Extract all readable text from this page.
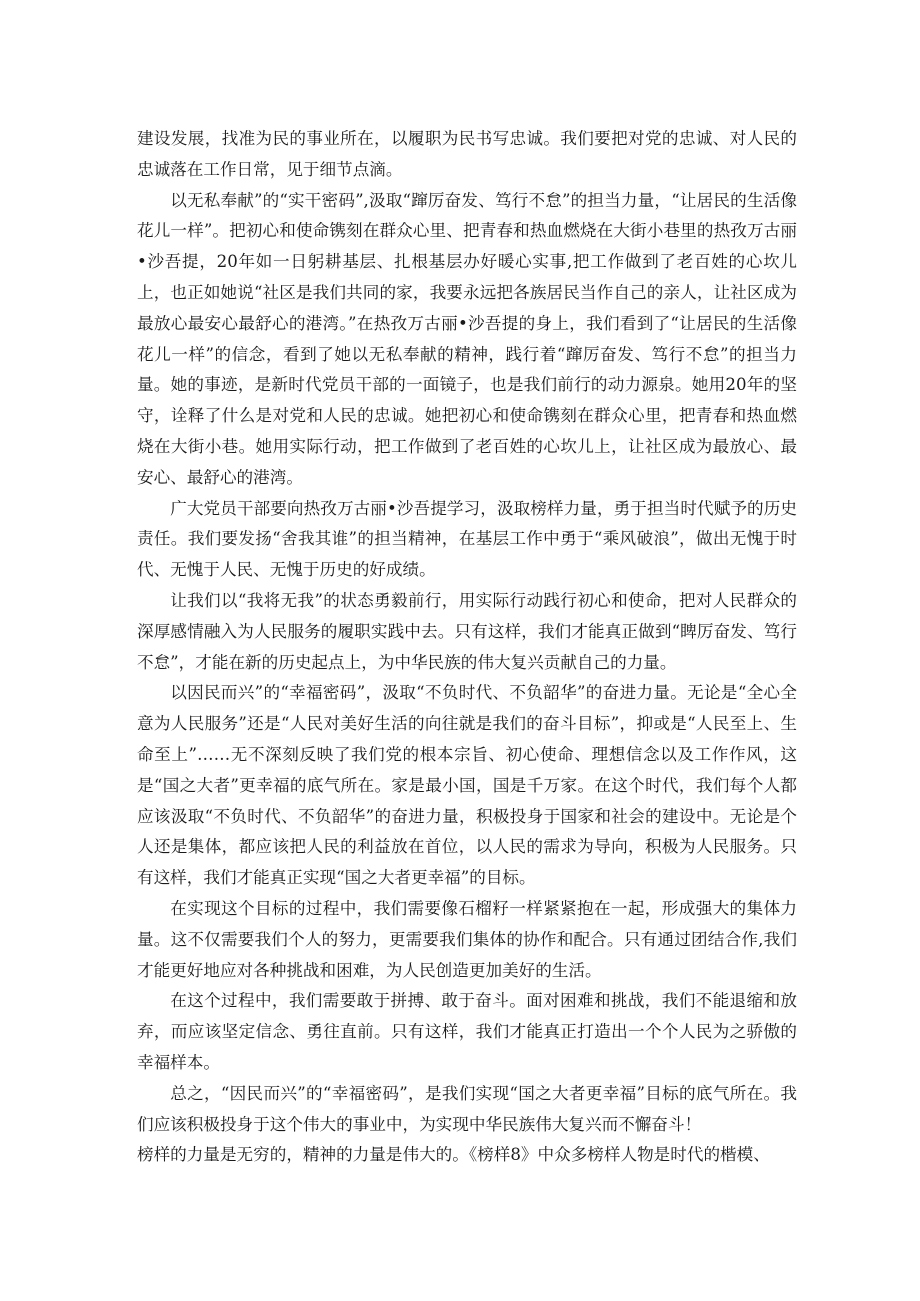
建设发展，找准为民的事业所在，以履职为民书写忠诚。我们要把对党的忠诚、对人民的忠诚落在工作日常，见于细节点滴。

以无私奉献”的“实干密码”,汲取“蹿厉奋发、笃行不怠”的担当力量，“让居民的生活像花儿一样”。把初心和使命镌刻在群众心里、把青春和热血燃烧在大街小巷里的热孜万古丽•沙吾提，20年如一日躬耕基层、扎根基层办好暖心实事,把工作做到了老百姓的心坎儿上，也正如她说“社区是我们共同的家，我要永远把各族居民当作自己的亲人，让社区成为最放心最安心最舒心的港湾。”在热孜万古丽•沙吾提的身上，我们看到了“让居民的生活像花儿一样”的信念，看到了她以无私奉献的精神，践行着“蹿厉奋发、笃行不怠”的担当力量。她的事迹，是新时代党员干部的一面镜子，也是我们前行的动力源泉。她用20年的坚守，诠释了什么是对党和人民的忠诚。她把初心和使命镌刻在群众心里，把青春和热血燃烧在大街小巷。她用实际行动，把工作做到了老百姓的心坎儿上，让社区成为最放心、最安心、最舒心的港湾。

广大党员干部要向热孜万古丽•沙吾提学习，汲取榜样力量，勇于担当时代赋予的历史责任。我们要发扬“舍我其谁”的担当精神，在基层工作中勇于“乘风破浪”，做出无愧于时代、无愧于人民、无愧于历史的好成绩。

让我们以“我将无我”的状态勇毅前行，用实际行动践行初心和使命，把对人民群众的深厚感情融入为人民服务的履职实践中去。只有这样，我们才能真正做到“睥厉奋发、笃行不怠”，才能在新的历史起点上，为中华民族的伟大复兴贡献自己的力量。

以因民而兴”的“幸福密码”，汲取“不负时代、不负韶华”的奋进力量。无论是“全心全意为人民服务”还是“人民对美好生活的向往就是我们的奋斗目标”，抑或是“人民至上、生命至上”……无不深刻反映了我们党的根本宗旨、初心使命、理想信念以及工作作风，这是“国之大者”更幸福的底气所在。家是最小国，国是千万家。在这个时代，我们每个人都应该汲取“不负时代、不负韶华”的奋进力量，积极投身于国家和社会的建设中。无论是个人还是集体，都应该把人民的利益放在首位，以人民的需求为导向，积极为人民服务。只有这样，我们才能真正实现“国之大者更幸福”的目标。

在实现这个目标的过程中，我们需要像石榴籽一样紧紧抱在一起，形成强大的集体力量。这不仅需要我们个人的努力，更需要我们集体的协作和配合。只有通过团结合作,我们才能更好地应对各种挑战和困难，为人民创造更加美好的生活。

在这个过程中，我们需要敢于拼搏、敢于奋斗。面对困难和挑战，我们不能退缩和放弃，而应该坚定信念、勇往直前。只有这样，我们才能真正打造出一个个人民为之骄傲的幸福样本。

总之，“因民而兴”的“幸福密码”，是我们实现“国之大者更幸福”目标的底气所在。我们应该积极投身于这个伟大的事业中，为实现中华民族伟大复兴而不懈奋斗！

榜样的力量是无穷的，精神的力量是伟大的。《榜样8》中众多榜样人物是时代的楷模、
